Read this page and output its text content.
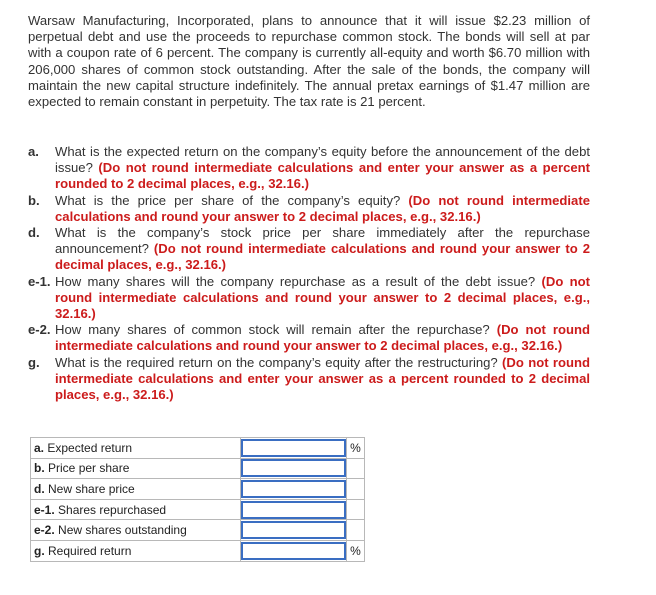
Warsaw Manufacturing, Incorporated, plans to announce that it will issue $2.23 million of perpetual debt and use the proceeds to repurchase common stock. The bonds will sell at par with a coupon rate of 6 percent. The company is currently all-equity and worth $6.70 million with 206,000 shares of common stock outstanding. After the sale of the bonds, the company will maintain the new capital structure indefinitely. The annual pretax earnings of $1.47 million are expected to remain constant in perpetuity. The tax rate is 21 percent.

a.	What is the expected return on the company’s equity before the announcement of the debt issue? (Do not round intermediate calculations and enter your answer as a percent rounded to 2 decimal places, e.g., 32.16.)
b.	What is the price per share of the company’s equity? (Do not round intermediate calculations and round your answer to 2 decimal places, e.g., 32.16.)
d.	What is the company’s stock price per share immediately after the repurchase announcement? (Do not round intermediate calculations and round your answer to 2 decimal places, e.g., 32.16.)
e-1. How many shares will the company repurchase as a result of the debt issue? (Do not round intermediate calculations and round your answer to 2 decimal places, e.g., 32.16.)
e-2. How many shares of common stock will remain after the repurchase? (Do not round intermediate calculations and round your answer to 2 decimal places, e.g., 32.16.)
g.	What is the required return on the company’s equity after the restructuring? (Do not round intermediate calculations and enter your answer as a percent rounded to 2 decimal places, e.g., 32.16.)
a. Expected return		%
b. Price per share	

d. New share price	

e-1. Shares repurchased	

e-2. New shares outstanding	

g. Required return		%
